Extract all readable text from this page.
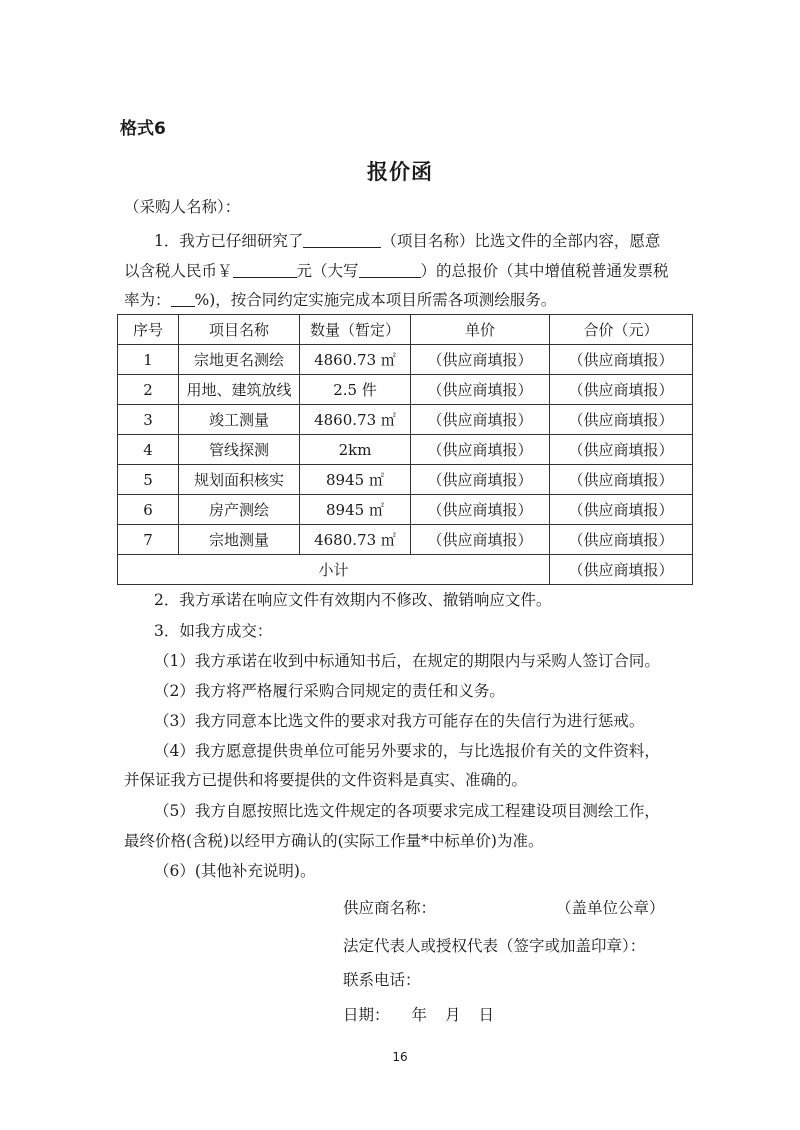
格式6
报价函
（采购人名称）：
1．我方已仔细研究了	（项目名称）比选文件的全部内容，愿意
以含税人民币￥	元（大写	）的总报价（其中增值税普通发票税
率为： %)，按合同约定实施完成本项目所需各项测绘服务。
序号	项目名称	数量（暂定）	单价	合价（元）
1	宗地更名测绘	4860.73 ㎡	（供应商填报）	（供应商填报）
2	用地、建筑放线	2.5 件	（供应商填报）	（供应商填报）
3	竣工测量	4860.73 ㎡	（供应商填报）	（供应商填报）
4	管线探测	2km	（供应商填报）	（供应商填报）
5	规划面积核实	8945 ㎡	（供应商填报）	（供应商填报）
6	房产测绘	8945 ㎡	（供应商填报）	（供应商填报）
7	宗地测量	4680.73 ㎡	（供应商填报）	（供应商填报）
小计				（供应商填报）
2．我方承诺在响应文件有效期内不修改、撤销响应文件。
3．如我方成交：
（1）我方承诺在收到中标通知书后，在规定的期限内与采购人签订合同。
（2）我方将严格履行采购合同规定的责任和义务。
（3）我方同意本比选文件的要求对我方可能存在的失信行为进行惩戒。
（4）我方愿意提供贵单位可能另外要求的，与比选报价有关的文件资料，
并保证我方已提供和将要提供的文件资料是真实、准确的。
（5）我方自愿按照比选文件规定的各项要求完成工程建设项目测绘工作，
最终价格(含税)以经甲方确认的(实际工作量*中标单价)为准。
（6）(其他补充说明)。
供应商名称：	（盖单位公章）
法定代表人或授权代表（签字或加盖印章）：
联系电话：
日期： 年 月 日
16
